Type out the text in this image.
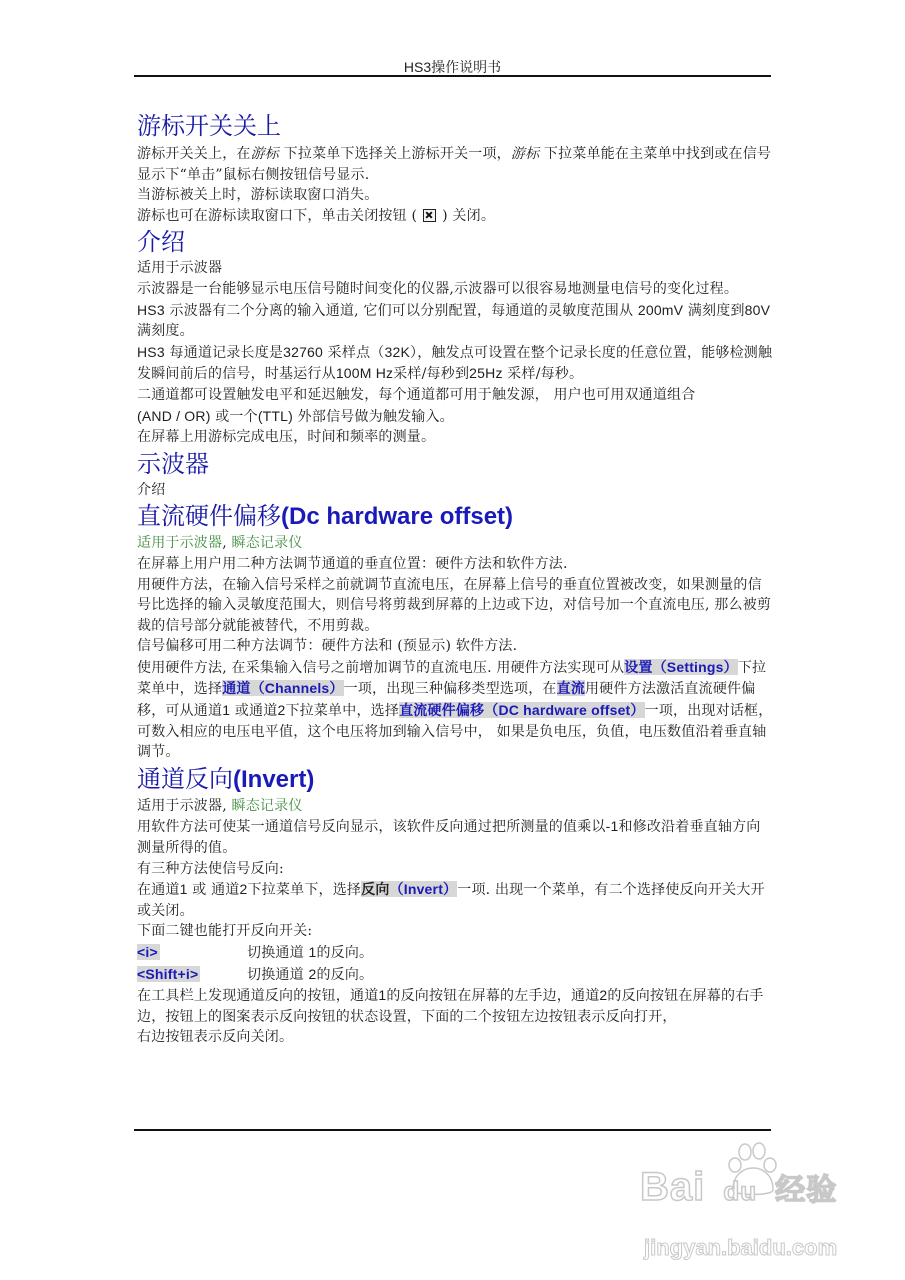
HS3操作说明书
游标开关关上
游标开关关上，在游标 下拉菜单下选择关上游标开关一项，游标 下拉菜单能在主菜单中找到或在信号显示下“单击”鼠标右侧按钮信号显示.
当游标被关上时，游标读取窗口消失。
游标也可在游标读取窗口下，单击关闭按钮 ( ) 关闭。
介绍
适用于示波器
示波器是一台能够显示电压信号随时间变化的仪器,示波器可以很容易地测量电信号的变化过程。
HS3 示波器有二个分离的输入通道, 它们可以分别配置，每通道的灵敏度范围从 200mV 满刻度到80V 满刻度。
HS3 每通道记录长度是32760 采样点（32K），触发点可设置在整个记录长度的任意位置，能够检测触发瞬间前后的信号，时基运行从100M Hz采样/每秒到25Hz 采样/每秒。
二通道都可设置触发电平和延迟触发，每个通道都可用于触发源， 用户也可用双通道组合
(AND / OR) 或一个(TTL) 外部信号做为触发输入。
在屏幕上用游标完成电压，时间和频率的测量。
示波器
介绍
直流硬件偏移(Dc hardware offset)
适用于示波器, 瞬态记录仪
在屏幕上用户用二种方法调节通道的垂直位置：硬件方法和软件方法.
用硬件方法，在输入信号采样之前就调节直流电压，在屏幕上信号的垂直位置被改变，如果测量的信号比选择的输入灵敏度范围大，则信号将剪裁到屏幕的上边或下边，对信号加一个直流电压, 那么被剪裁的信号部分就能被替代，不用剪裁。
信号偏移可用二种方法调节：硬件方法和 (预显示) 软件方法.
使用硬件方法, 在采集输入信号之前增加调节的直流电压. 用硬件方法实现可从设置（Settings）下拉菜单中，选择通道（Channels）一项，出现三种偏移类型选项，在直流用硬件方法激活直流硬件偏移，可从通道1 或通道2下拉菜单中，选择直流硬件偏移（DC hardware offset）一项，出现对话框，可数入相应的电压电平值，这个电压将加到输入信号中， 如果是负电压，负值，电压数值沿着垂直轴调节。
通道反向(Invert)
适用于示波器, 瞬态记录仪
用软件方法可使某一通道信号反向显示，该软件反向通过把所测量的值乘以-1和修改沿着垂直轴方向测量所得的值。
有三种方法使信号反向:
在通道1 或 通道2下拉菜单下，选择反向（Invert）一项. 出现一个菜单，有二个选择使反向开关大开或关闭。
下面二键也能打开反向开关:
<i>	切换通道 1的反向。
<Shift+i>	切换通道 2的反向。
在工具栏上发现通道反向的按钮，通道1的反向按钮在屏幕的左手边，通道2的反向按钮在屏幕的右手边，按钮上的图案表示反向按钮的状态设置，下面的二个按钮左边按钮表示反向打开，
右边按钮表示反向关闭。
Bai du 经验
jingyan.baidu.com
